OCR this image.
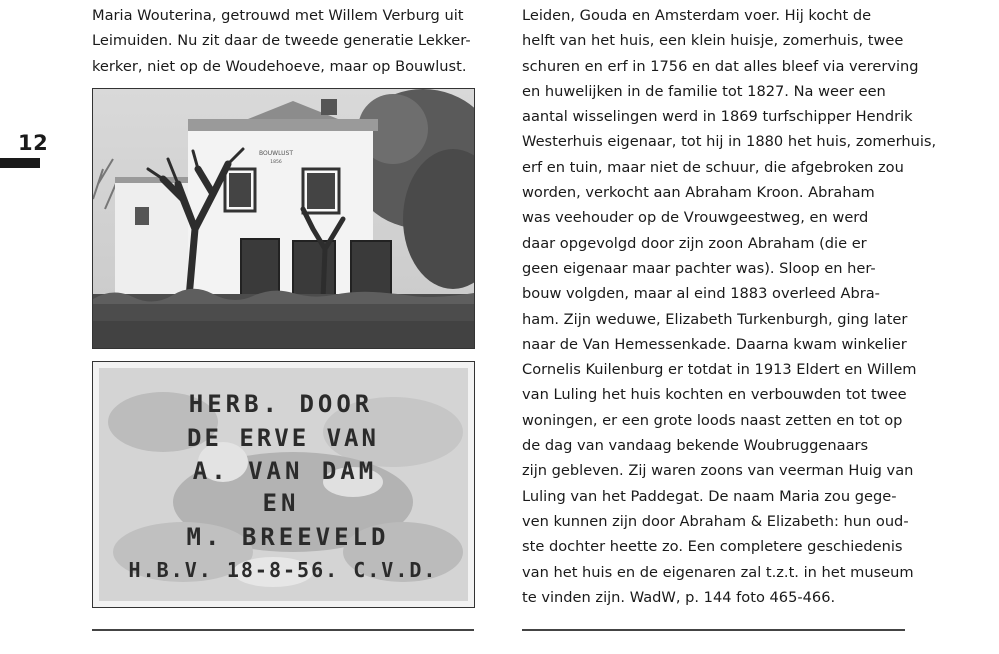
12

Maria Wouterina, getrouwd met Willem Verburg uit

Leimuiden. Nu zit daar de tweede generatie Lekker-

kerker, niet op de Woudehoeve, maar op Bouwlust.

BOUWLUST
1856
HERB. DOOR
DE ERVE VAN
A. VAN DAM
EN
M. BREEVELD
H.B.V. 18-8-56. C.V.D.

Leiden, Gouda en Amsterdam voer. Hij kocht de

helft van het huis, een klein huisje, zomerhuis, twee

schuren en erf in 1756 en dat alles bleef via vererving

en huwelijken in de familie tot 1827. Na weer een

aantal wisselingen werd in 1869 turfschipper Hendrik

Westerhuis eigenaar, tot hij in 1880 het huis, zomerhuis,

erf en tuin, maar niet de schuur, die afgebroken zou

worden, verkocht aan Abraham Kroon. Abraham

was veehouder op de Vrouwgeestweg, en werd

daar opgevolgd door zijn zoon Abraham (die er

geen eigenaar maar pachter was). Sloop en her-

bouw volgden, maar al eind 1883 overleed Abra-

ham. Zijn weduwe, Elizabeth Turkenburgh, ging later

naar de Van Hemessenkade. Daarna kwam winkelier

Cornelis Kuilenburg er totdat in 1913 Eldert en Willem

van Luling het huis kochten en verbouwden tot twee

woningen, er een grote loods naast zetten en tot op

de dag van vandaag bekende Woubruggenaars

zijn gebleven. Zij waren zoons van veerman Huig van

Luling van het Paddegat. De naam Maria zou gege-

ven kunnen zijn door Abraham & Elizabeth: hun oud-

ste dochter heette zo. Een completere geschiedenis

van het huis en de eigenaren zal t.z.t. in het museum

te vinden zijn. WadW, p. 144 foto 465-466.
